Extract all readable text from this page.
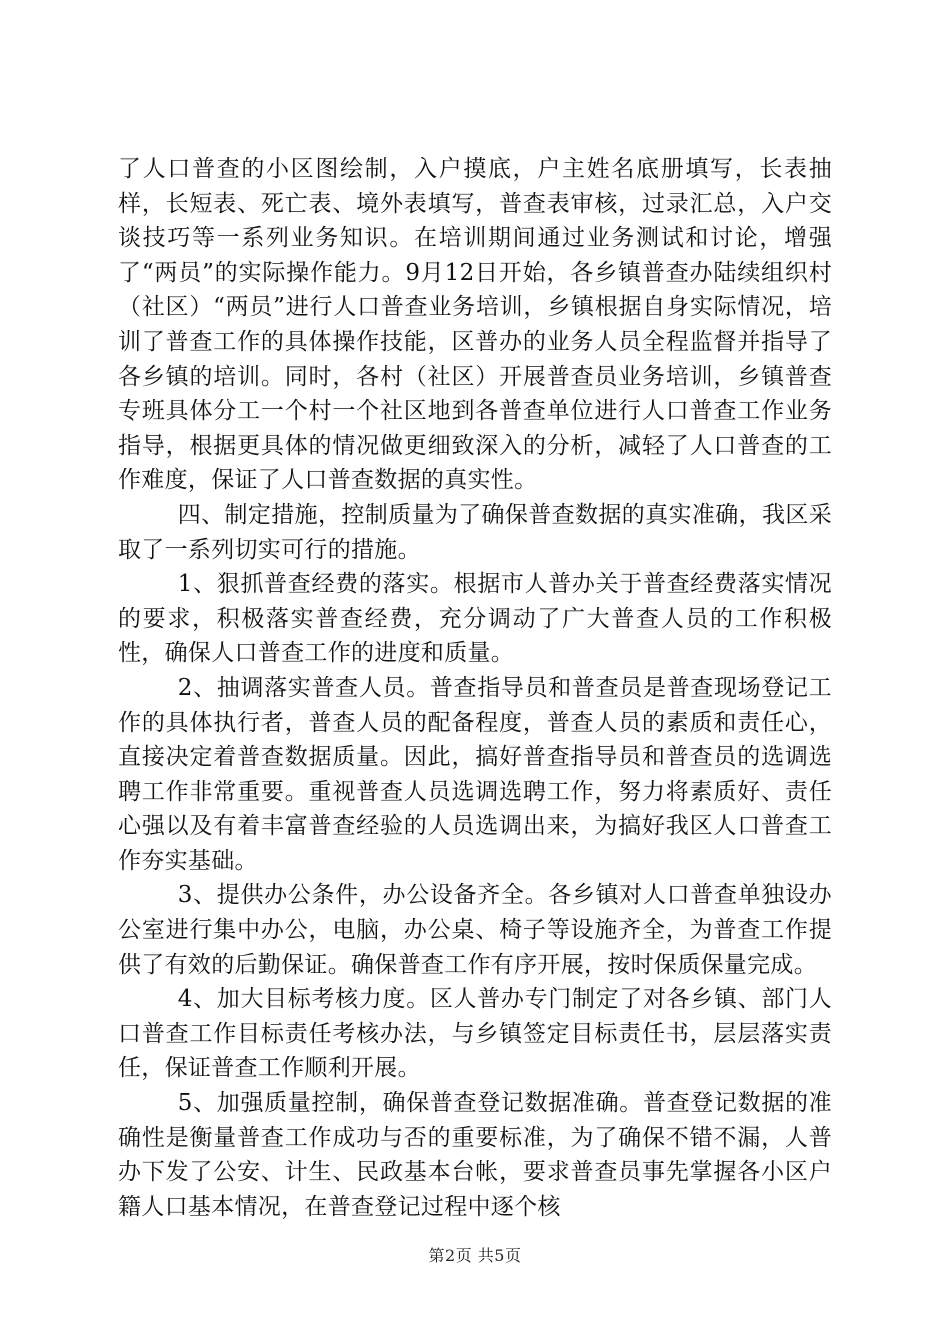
了人口普查的小区图绘制，入户摸底，户主姓名底册填写，长表抽样，长短表、死亡表、境外表填写，普查表审核，过录汇总，入户交谈技巧等一系列业务知识。在培训期间通过业务测试和讨论，增强了“两员”的实际操作能力。9月12日开始，各乡镇普查办陆续组织村（社区）“两员”进行人口普查业务培训，乡镇根据自身实际情况，培训了普查工作的具体操作技能，区普办的业务人员全程监督并指导了各乡镇的培训。同时，各村（社区）开展普查员业务培训，乡镇普查专班具体分工一个村一个社区地到各普查单位进行人口普查工作业务指导，根据更具体的情况做更细致深入的分析，减轻了人口普查的工作难度，保证了人口普查数据的真实性。

四、制定措施，控制质量为了确保普查数据的真实准确，我区采取了一系列切实可行的措施。

1、狠抓普查经费的落实。根据市人普办关于普查经费落实情况的要求，积极落实普查经费，充分调动了广大普查人员的工作积极性，确保人口普查工作的进度和质量。

2、抽调落实普查人员。普查指导员和普查员是普查现场登记工作的具体执行者，普查人员的配备程度，普查人员的素质和责任心，直接决定着普查数据质量。因此，搞好普查指导员和普查员的选调选聘工作非常重要。重视普查人员选调选聘工作，努力将素质好、责任心强以及有着丰富普查经验的人员选调出来，为搞好我区人口普查工作夯实基础。

3、提供办公条件，办公设备齐全。各乡镇对人口普查单独设办公室进行集中办公，电脑，办公桌、椅子等设施齐全，为普查工作提供了有效的后勤保证。确保普查工作有序开展，按时保质保量完成。

4、加大目标考核力度。区人普办专门制定了对各乡镇、部门人口普查工作目标责任考核办法，与乡镇签定目标责任书，层层落实责任，保证普查工作顺利开展。

5、加强质量控制，确保普查登记数据准确。普查登记数据的准确性是衡量普查工作成功与否的重要标准，为了确保不错不漏，人普办下发了公安、计生、民政基本台帐，要求普查员事先掌握各小区户籍人口基本情况，在普查登记过程中逐个核

第2页 共5页
